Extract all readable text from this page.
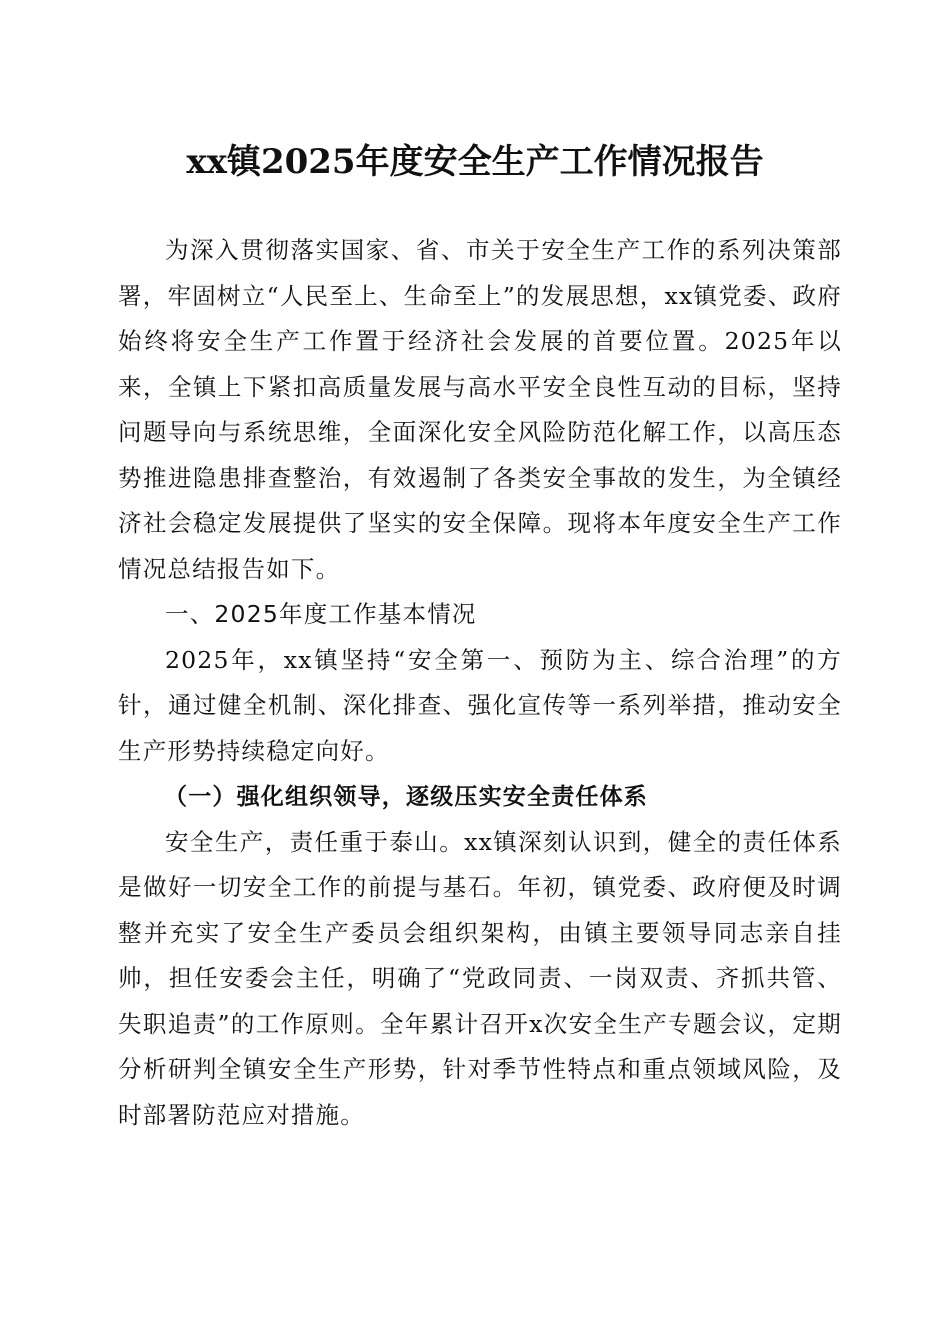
xx镇2025年度安全生产工作情况报告

为深入贯彻落实国家、省、市关于安全生产工作的系列决策部署，牢固树立“人民至上、生命至上”的发展思想，xx镇党委、政府始终将安全生产工作置于经济社会发展的首要位置。2025年以来，全镇上下紧扣高质量发展与高水平安全良性互动的目标，坚持问题导向与系统思维，全面深化安全风险防范化解工作，以高压态势推进隐患排查整治，有效遏制了各类安全事故的发生，为全镇经济社会稳定发展提供了坚实的安全保障。现将本年度安全生产工作情况总结报告如下。

一、2025年度工作基本情况

2025年，xx镇坚持“安全第一、预防为主、综合治理”的方针，通过健全机制、深化排查、强化宣传等一系列举措，推动安全生产形势持续稳定向好。

（一）强化组织领导，逐级压实安全责任体系

安全生产，责任重于泰山。xx镇深刻认识到，健全的责任体系是做好一切安全工作的前提与基石。年初，镇党委、政府便及时调整并充实了安全生产委员会组织架构，由镇主要领导同志亲自挂帅，担任安委会主任，明确了“党政同责、一岗双责、齐抓共管、失职追责”的工作原则。全年累计召开x次安全生产专题会议，定期分析研判全镇安全生产形势，针对季节性特点和重点领域风险，及时部署防范应对措施。
